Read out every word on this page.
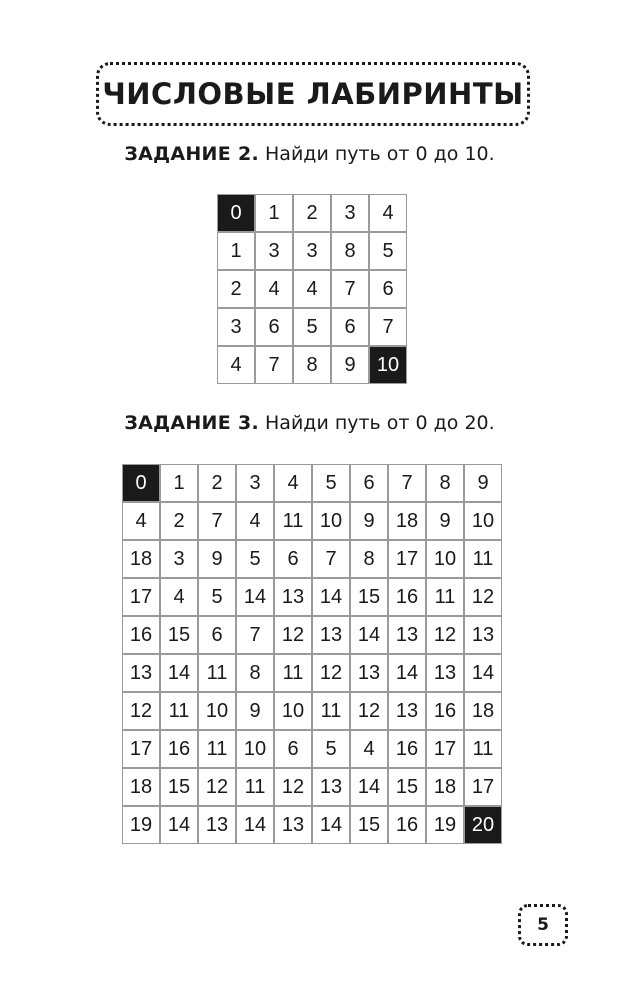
ЧИСЛОВЫЕ ЛАБИРИНТЫ
ЗАДАНИЕ 2. Найди путь от 0 до 10.
0	1	2	3	4
1	3	3	8	5
2	4	4	7	6
3	6	5	6	7
4	7	8	9	10
ЗАДАНИЕ 3. Найди путь от 0 до 20.
0	1	2	3	4	5	6	7	8	9
4	2	7	4	11 10	9	18	9	10
18	3	9	5	6	7	8	17 10 11
17	4	5	14 13 14 15 16 11 12
16 15	6	7	12 13 14 13 12 13
13 14 11	8	11 12 13 14 13 14
12 11 10	9	10 11 12 13 16 18
17 16 11 10	6	5	4	16 17 11
18 15 12 11 12 13 14 15 18 17
19 14 13 14 13 14 15 16 19 20
5
